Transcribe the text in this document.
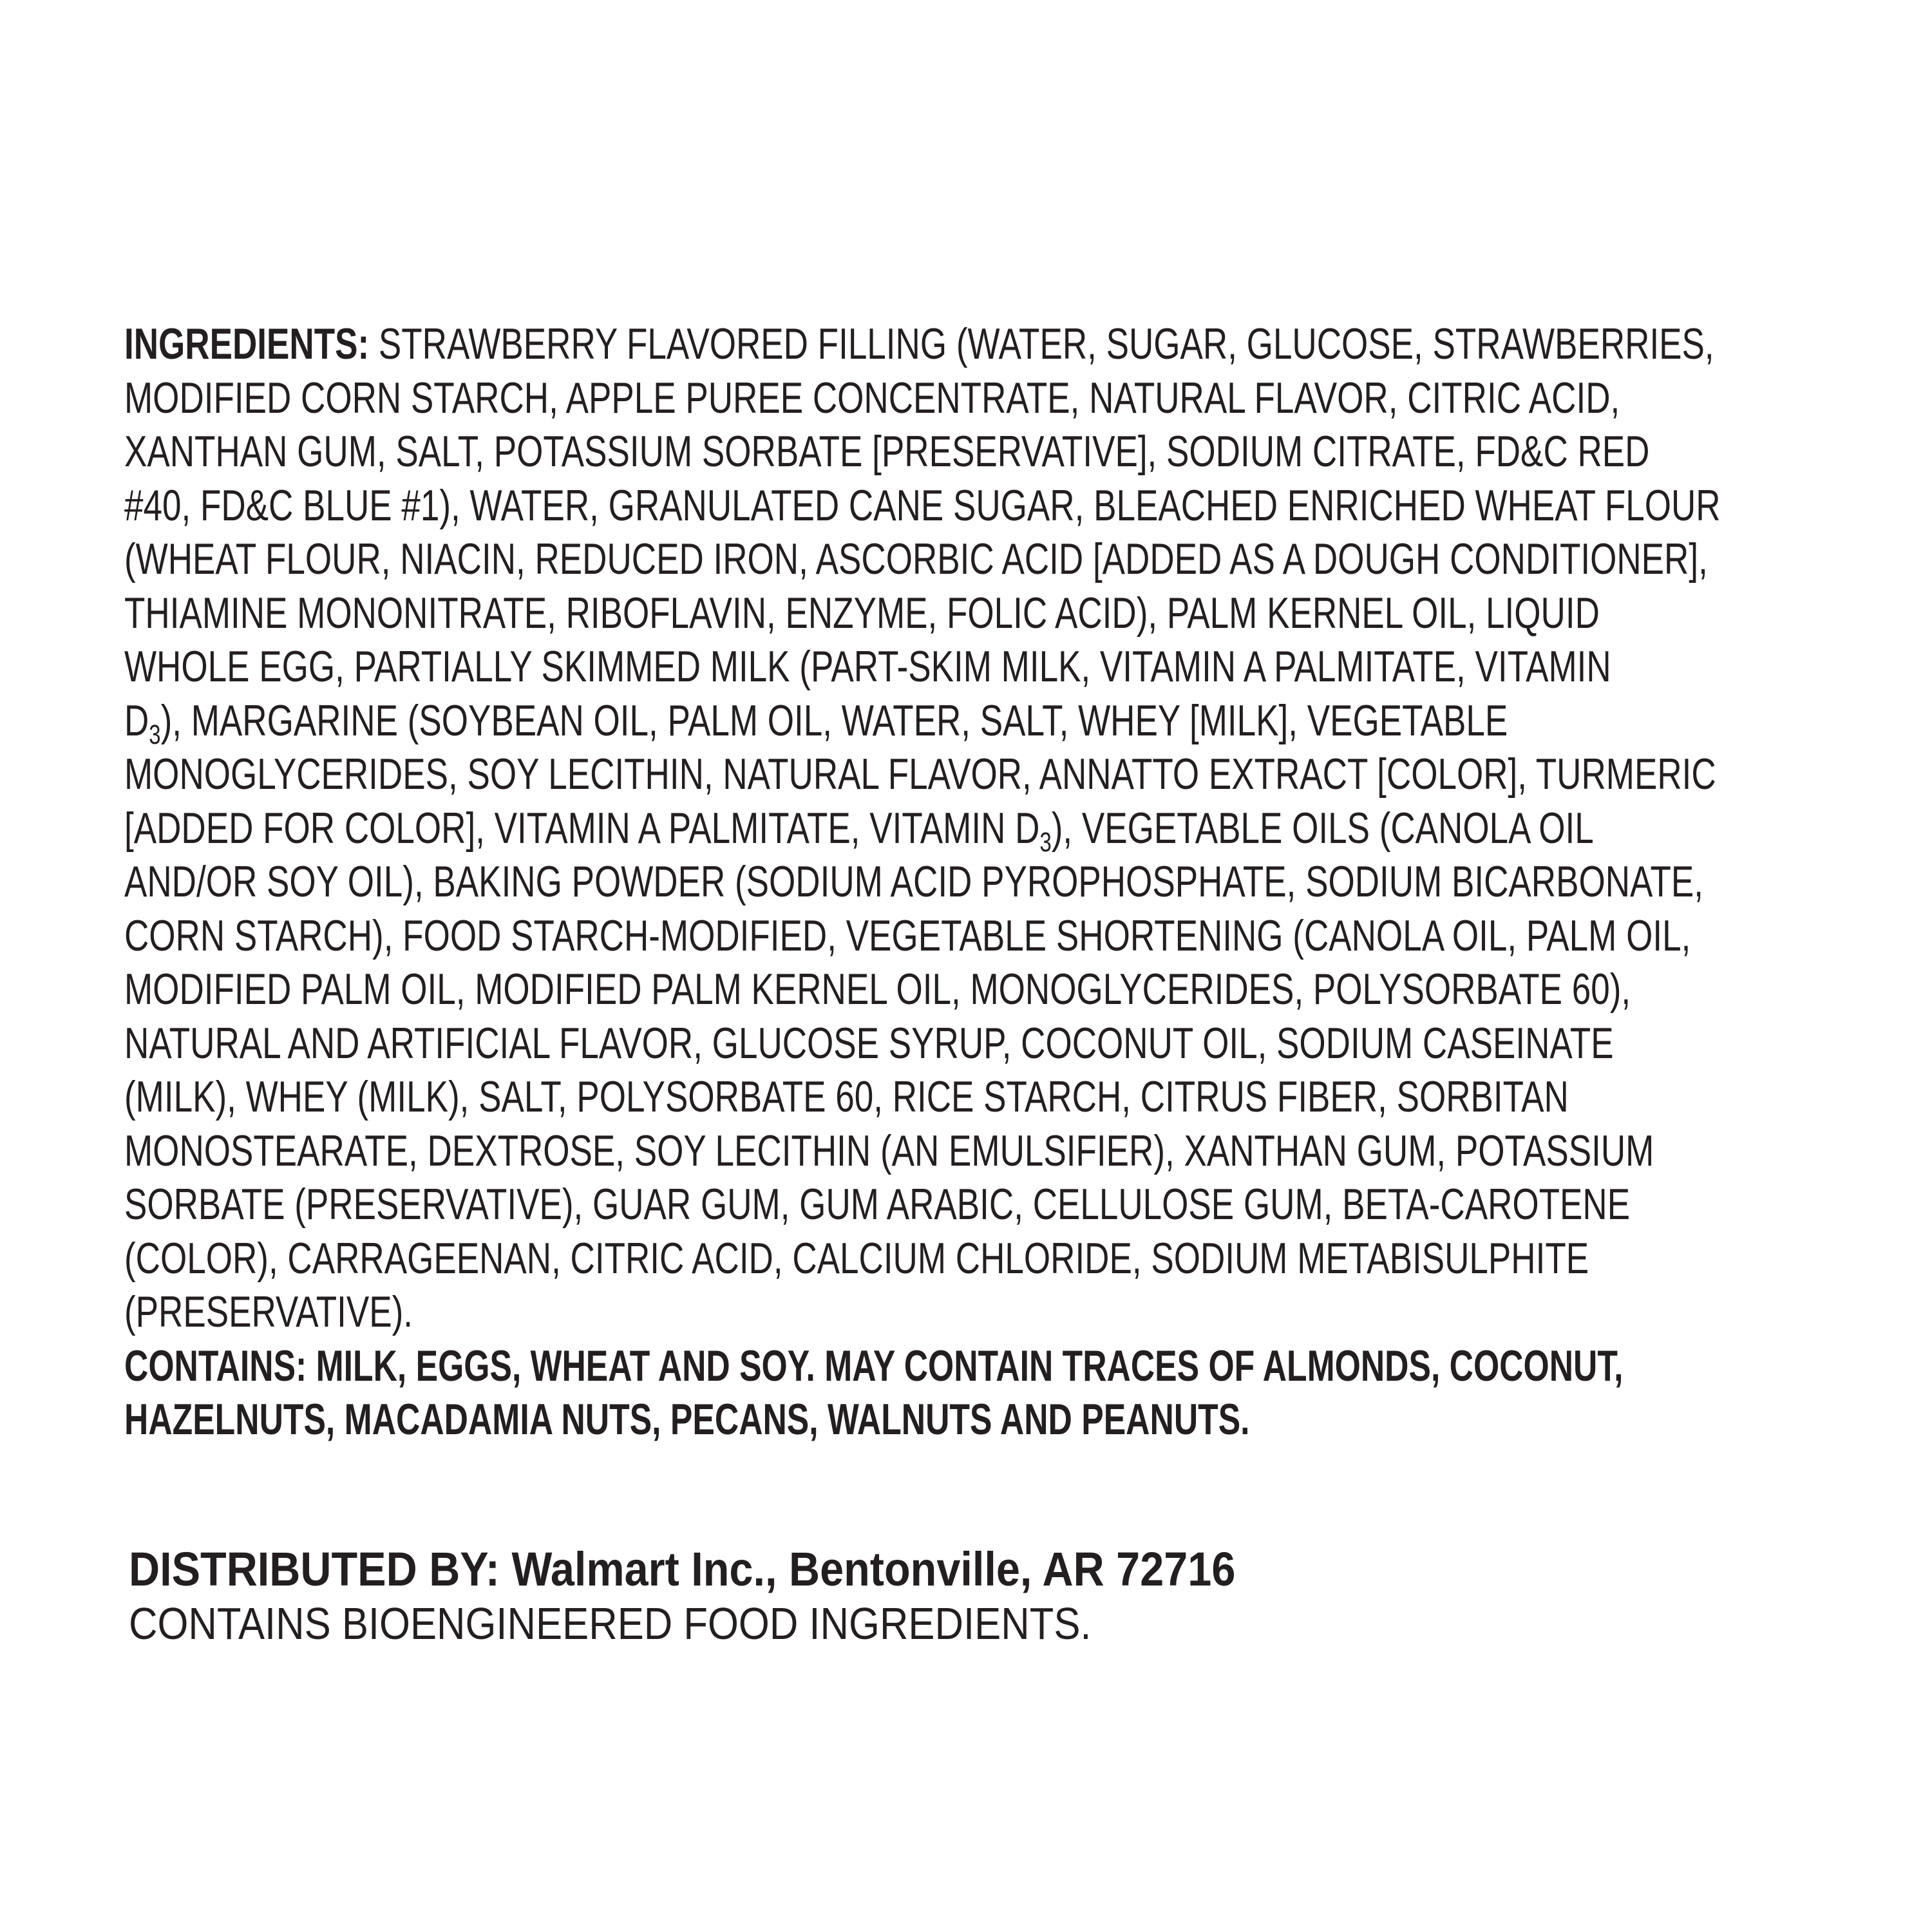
INGREDIENTS: STRAWBERRY FLAVORED FILLING (WATER, SUGAR, GLUCOSE, STRAWBERRIES,
MODIFIED CORN STARCH, APPLE PUREE CONCENTRATE, NATURAL FLAVOR, CITRIC ACID,
XANTHAN GUM, SALT, POTASSIUM SORBATE [PRESERVATIVE], SODIUM CITRATE, FD&C RED
#40, FD&C BLUE #1), WATER, GRANULATED CANE SUGAR, BLEACHED ENRICHED WHEAT FLOUR
(WHEAT FLOUR, NIACIN, REDUCED IRON, ASCORBIC ACID [ADDED AS A DOUGH CONDITIONER],
THIAMINE MONONITRATE, RIBOFLAVIN, ENZYME, FOLIC ACID), PALM KERNEL OIL, LIQUID
WHOLE EGG, PARTIALLY SKIMMED MILK (PART-SKIM MILK, VITAMIN A PALMITATE, VITAMIN
D3), MARGARINE (SOYBEAN OIL, PALM OIL, WATER, SALT, WHEY [MILK], VEGETABLE
MONOGLYCERIDES, SOY LECITHIN, NATURAL FLAVOR, ANNATTO EXTRACT [COLOR], TURMERIC
[ADDED FOR COLOR], VITAMIN A PALMITATE, VITAMIN D3), VEGETABLE OILS (CANOLA OIL
AND/OR SOY OIL), BAKING POWDER (SODIUM ACID PYROPHOSPHATE, SODIUM BICARBONATE,
CORN STARCH), FOOD STARCH-MODIFIED, VEGETABLE SHORTENING (CANOLA OIL, PALM OIL,
MODIFIED PALM OIL, MODIFIED PALM KERNEL OIL, MONOGLYCERIDES, POLYSORBATE 60),
NATURAL AND ARTIFICIAL FLAVOR, GLUCOSE SYRUP, COCONUT OIL, SODIUM CASEINATE
(MILK), WHEY (MILK), SALT, POLYSORBATE 60, RICE STARCH, CITRUS FIBER, SORBITAN
MONOSTEARATE, DEXTROSE, SOY LECITHIN (AN EMULSIFIER), XANTHAN GUM, POTASSIUM
SORBATE (PRESERVATIVE), GUAR GUM, GUM ARABIC, CELLULOSE GUM, BETA-CAROTENE
(COLOR), CARRAGEENAN, CITRIC ACID, CALCIUM CHLORIDE, SODIUM METABISULPHITE
(PRESERVATIVE).
CONTAINS: MILK, EGGS, WHEAT AND SOY. MAY CONTAIN TRACES OF ALMONDS, COCONUT,
HAZELNUTS, MACADAMIA NUTS, PECANS, WALNUTS AND PEANUTS.
DISTRIBUTED BY: Walmart Inc., Bentonville, AR 72716
CONTAINS BIOENGINEERED FOOD INGREDIENTS.
